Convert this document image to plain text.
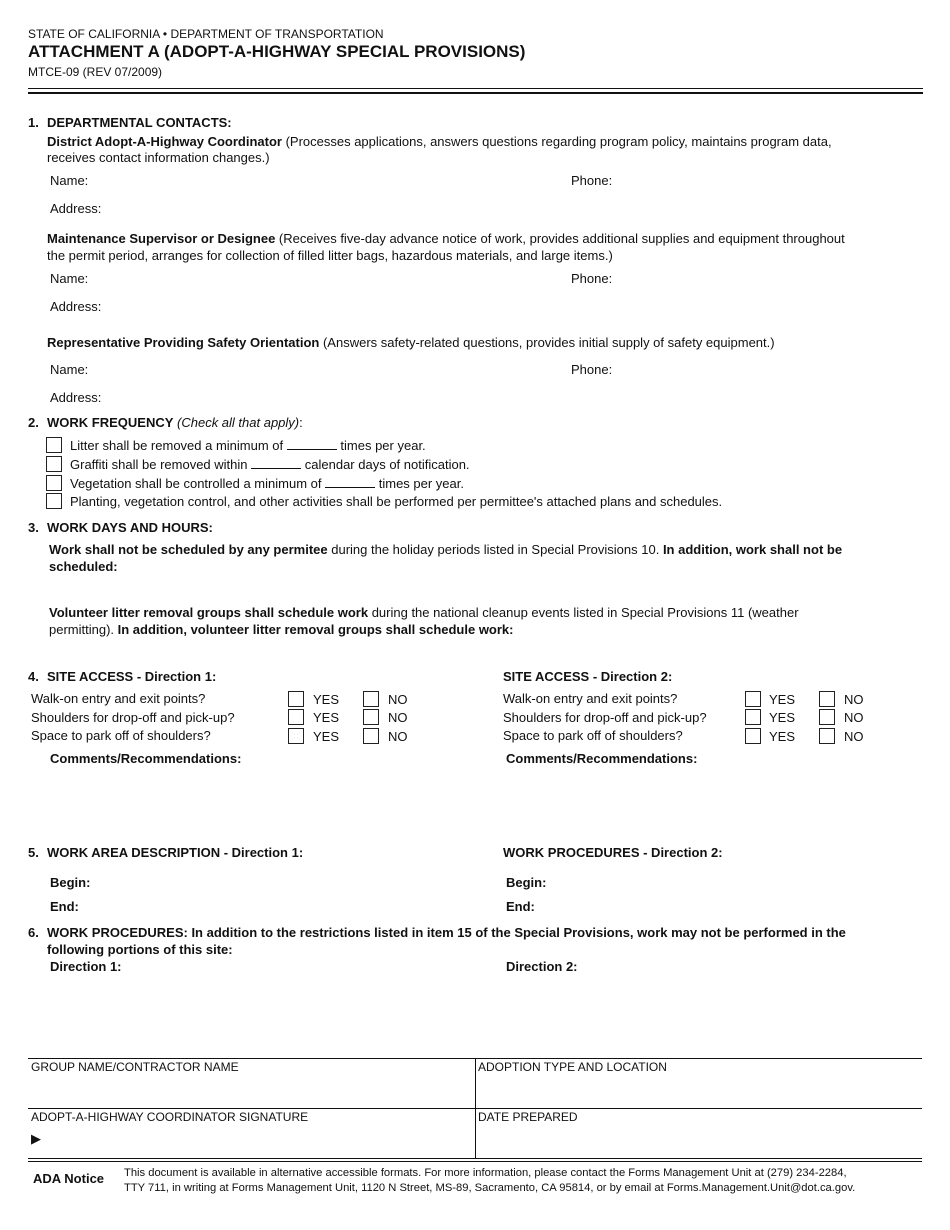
STATE OF CALIFORNIA • DEPARTMENT OF TRANSPORTATION
ATTACHMENT A (ADOPT-A-HIGHWAY SPECIAL PROVISIONS)
MTCE-09 (REV 07/2009)
1. DEPARTMENTAL CONTACTS:
District Adopt-A-Highway Coordinator (Processes applications, answers questions regarding program policy, maintains program data,
receives contact information changes.)
Name:	Phone:
Address:
Maintenance Supervisor or Designee (Receives five-day advance notice of work, provides additional supplies and equipment throughout
the permit period, arranges for collection of filled litter bags, hazardous materials, and large items.)
Name:	Phone:
Address:
Representative Providing Safety Orientation (Answers safety-related questions, provides initial supply of safety equipment.)
Name:	Phone:
Address:
2. WORK FREQUENCY (Check all that apply):
Litter shall be removed a minimum of	times per year.
Graffiti shall be removed within	calendar days of notification.
Vegetation shall be controlled a minimum of	times per year.
Planting, vegetation control, and other activities shall be performed per permittee's attached plans and schedules.
3. WORK DAYS AND HOURS:
Work shall not be scheduled by any permitee during the holiday periods listed in Special Provisions 10. In addition, work shall not be
scheduled:
Volunteer litter removal groups shall schedule work during the national cleanup events listed in Special Provisions 11 (weather
permitting). In addition, volunteer litter removal groups shall schedule work:
4. SITE ACCESS - Direction 1:	SITE ACCESS - Direction 2:
Walk-on entry and exit points?	YES	NO
Shoulders for drop-off and pick-up?	YES	NO
Space to park off of shoulders?	YES	NO
Walk-on entry and exit points?	YES	NO
Shoulders for drop-off and pick-up?	YES	NO
Space to park off of shoulders?	YES	NO
Comments/Recommendations:	Comments/Recommendations:
5. WORK AREA DESCRIPTION - Direction 1:	WORK PROCEDURES - Direction 2:
Begin:	Begin:
End:	End:
6. WORK PROCEDURES: In addition to the restrictions listed in item 15 of the Special Provisions, work may not be performed in the
following portions of this site:
Direction 1:	Direction 2:
GROUP NAME/CONTRACTOR NAME	ADOPTION TYPE AND LOCATION
ADOPT-A-HIGHWAY COORDINATOR SIGNATURE
▶
DATE PREPARED
ADA Notice This document is available in alternative accessible formats. For more information, please contact the Forms Management Unit at (279) 234-2284,
TTY 711, in writing at Forms Management Unit, 1120 N Street, MS-89, Sacramento, CA 95814, or by email at Forms.Management.Unit@dot.ca.gov.
